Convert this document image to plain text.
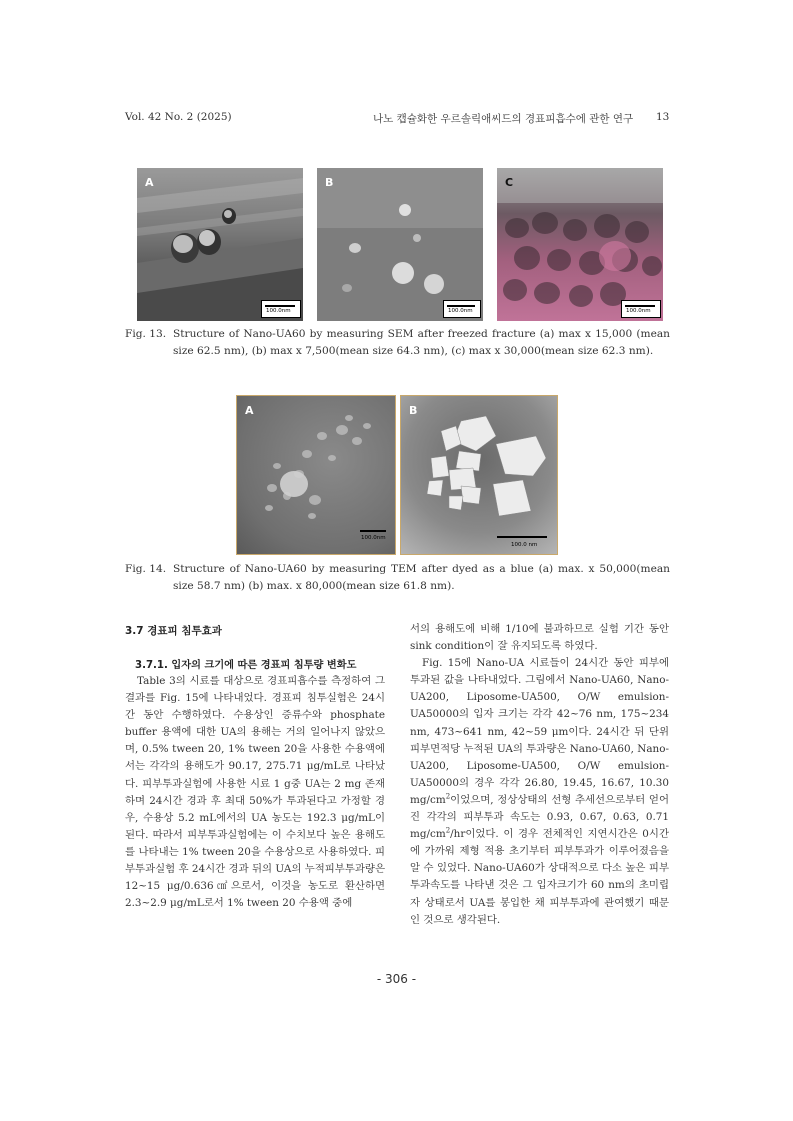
Vol. 42 No. 2 (2025)	나노 캡슐화한 우르솔릭애씨드의 경표피흡수에 관한 연구 13
A
100.0nm
B
100.0nm
C
100.0nm
Fig. 13. Structure of Nano-UA60 by measuring SEM after freezed fracture (a) max x 15,000 (mean size 62.5 nm), (b) max x 7,500(mean size 64.3 nm), (c) max x 30,000(mean size 62.3 nm).
A
100.0nm
B
100.0 nm
Fig. 14. Structure of Nano-UA60 by measuring TEM after dyed as a blue (a) max. x 50,000(mean size 58.7 nm) (b) max. x 80,000(mean size 61.8 nm).
3.7 경표피 침투효과
3.7.1. 입자의 크기에 따른 경표피 침투량 변화도

Table 3의 시료를 대상으로 경표피흡수를 측정하여 그 결과를 Fig. 15에 나타내었다. 경표피 침투실험은 24시간 동안 수행하였다. 수용상인 증류수와 phosphate buffer 용액에 대한 UA의 용해는 거의 일어나지 않았으며, 0.5% tween 20, 1% tween 20을 사용한 수용액에서는 각각의 용해도가 90.17, 275.71 μg/mL로 나타났다. 피부투과실험에 사용한 시료 1 g중 UA는 2 mg 존재하며 24시간 경과 후 최대 50%가 투과된다고 가정할 경우, 수용상 5.2 mL에서의 UA 농도는 192.3 μg/mL이 된다. 따라서 피부투과실험에는 이 수치보다 높은 용해도를 나타내는 1% tween 20을 수용상으로 사용하였다. 피부투과실험 후 24시간 경과 뒤의 UA의 누적피부투과량은 12~15 μg/0.636㎠으로서, 이것을 농도로 환산하면 2.3~2.9 μg/mL로서 1% tween 20 수용액 중에

서의 용해도에 비해 1/10에 불과하므로 실험 기간 동안 sink condition이 잘 유지되도록 하였다.

Fig. 15에 Nano-UA 시료들이 24시간 동안 피부에 투과된 값을 나타내었다. 그림에서 Nano-UA60, Nano-UA200, Liposome-UA500, O/W emulsion-UA50000의 입자 크기는 각각 42~76 nm, 175~234 nm, 473~641 nm, 42~59 μm이다. 24시간 뒤 단위피부면적당 누적된 UA의 투과량은 Nano-UA60, Nano-UA200, Liposome-UA500, O/W emulsion-UA50000의 경우 각각 26.80, 19.45, 16.67, 10.30 $mg/cm^2$이었으며, 정상상태의 선형 추세선으로부터 얻어진 각각의 피부투과 속도는 0.93, 0.67, 0.63, 0.71 $mg/cm^2/hr$이었다. 이 경우 전체적인 지연시간은 0시간에 가까워 제형 적용 초기부터 피부투과가 이루어졌음을 알 수 있었다. Nano-UA60가 상대적으로 다소 높은 피부투과속도를 나타낸 것은 그 입자크기가 60 nm의 초미립자 상태로서 UA를 봉입한 채 피부투과에 관여했기 때문인 것으로 생각된다.

- 306 -
